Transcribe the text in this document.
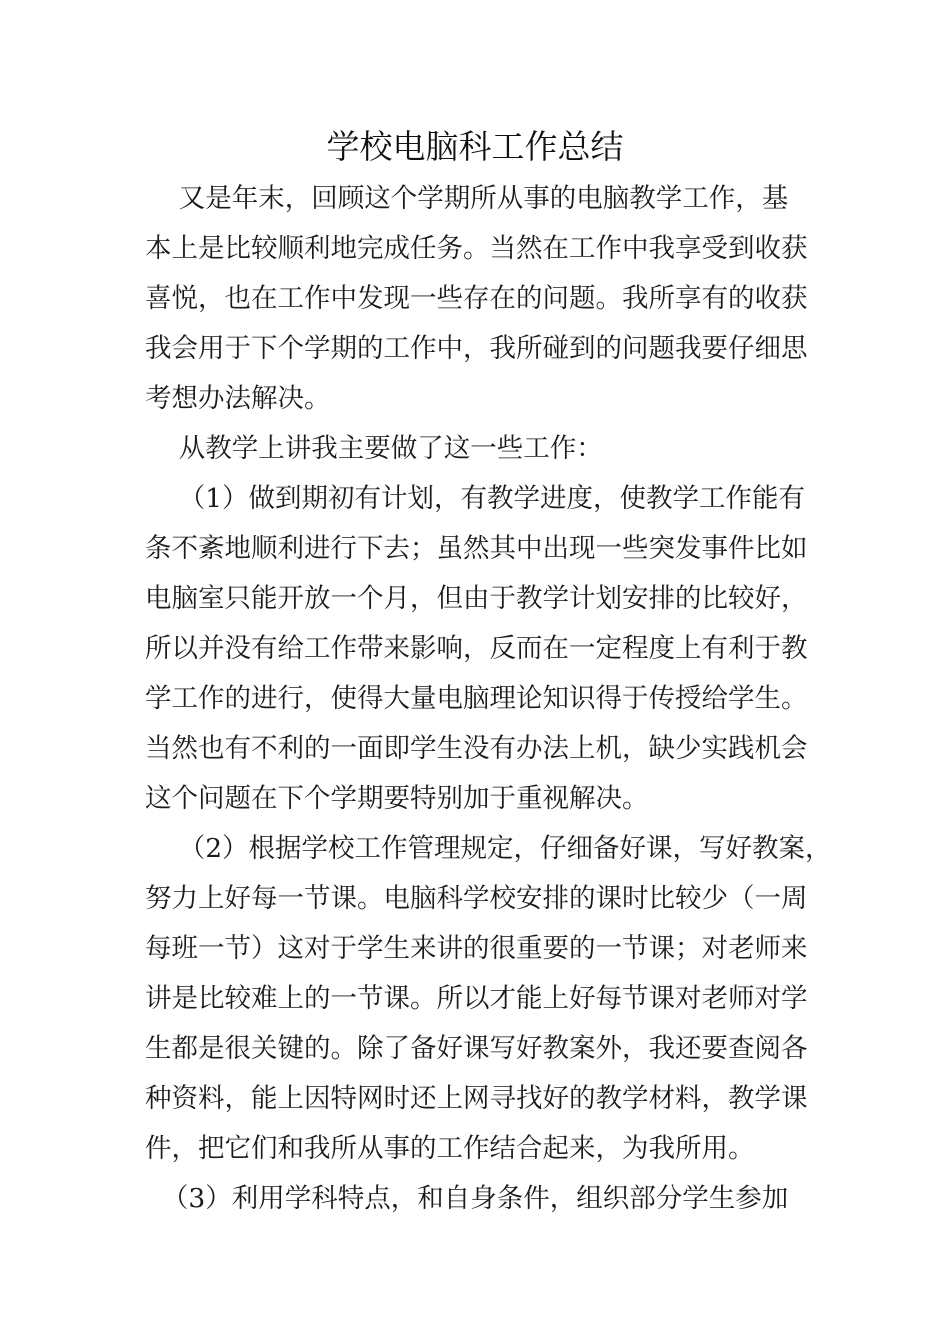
学校电脑科工作总结

又是年末，回顾这个学期所从事的电脑教学工作，基

本上是比较顺利地完成任务。当然在工作中我享受到收获

喜悦，也在工作中发现一些存在的问题。我所享有的收获

我会用于下个学期的工作中，我所碰到的问题我要仔细思

考想办法解决。

从教学上讲我主要做了这一些工作：

（1）做到期初有计划，有教学进度，使教学工作能有

条不紊地顺利进行下去；虽然其中出现一些突发事件比如

电脑室只能开放一个月，但由于教学计划安排的比较好，

所以并没有给工作带来影响，反而在一定程度上有利于教

学工作的进行，使得大量电脑理论知识得于传授给学生。

当然也有不利的一面即学生没有办法上机，缺少实践机会

这个问题在下个学期要特别加于重视解决。

（2）根据学校工作管理规定，仔细备好课，写好教案，

努力上好每一节课。电脑科学校安排的课时比较少（一周

每班一节）这对于学生来讲的很重要的一节课；对老师来

讲是比较难上的一节课。所以才能上好每节课对老师对学

生都是很关键的。除了备好课写好教案外，我还要查阅各

种资料，能上因特网时还上网寻找好的教学材料，教学课

件，把它们和我所从事的工作结合起来，为我所用。

（3）利用学科特点，和自身条件，组织部分学生参加
